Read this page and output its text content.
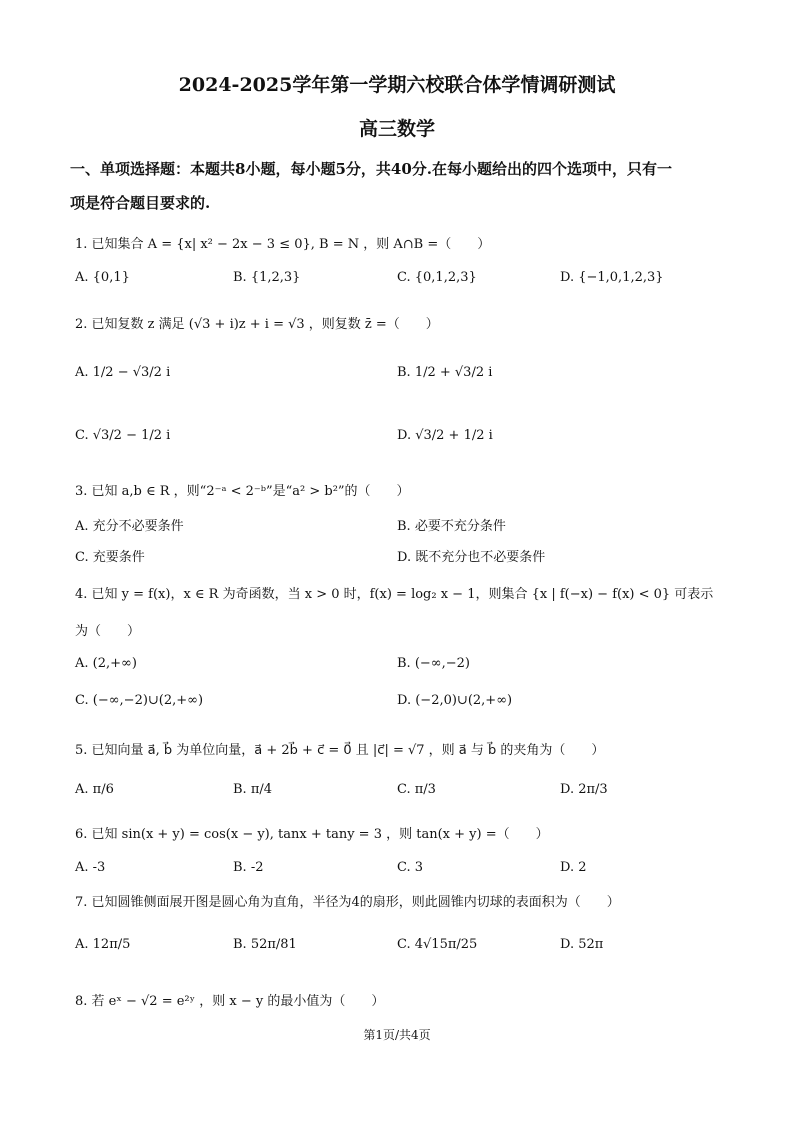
2024-2025学年第一学期六校联合体学情调研测试
高三数学
一、单项选择题：本题共8小题，每小题5分，共40分.在每小题给出的四个选项中，只有一
项是符合题目要求的.
1. 已知集合 A = {x| x² − 2x − 3 ≤ 0}, B = N ，则 A∩B =（　　）
A. {0,1}	B. {1,2,3}	C. {0,1,2,3}	D. {−1,0,1,2,3}
2. 已知复数 z 满足 (√3 + i)z + i = √3 ，则复数 z̄ =（　　）
A. 1/2 − √3/2 i	B. 1/2 + √3/2 i
C. √3/2 − 1/2 i	D. √3/2 + 1/2 i
3. 已知 a,b ∈ R ，则“2⁻ᵃ < 2⁻ᵇ”是“a² > b²”的（　　）
A. 充分不必要条件	B. 必要不充分条件
C. 充要条件	D. 既不充分也不必要条件
4. 已知 y = f(x)，x ∈ R 为奇函数，当 x > 0 时，f(x) = log₂ x − 1，则集合 {x | f(−x) − f(x) < 0} 可表示
为（　　）
A. (2,+∞)	B. (−∞,−2)
C. (−∞,−2)∪(2,+∞)	D. (−2,0)∪(2,+∞)
5. 已知向量 a⃗, b⃗ 为单位向量，a⃗ + 2b⃗ + c⃗ = 0⃗ 且 |c⃗| = √7 ，则 a⃗ 与 b⃗ 的夹角为（　　）
A. π/6	B. π/4	C. π/3	D. 2π/3
6. 已知 sin(x + y) = cos(x − y), tanx + tany = 3 ，则 tan(x + y) =（　　）
A. -3	B. -2	C. 3	D. 2
7. 已知圆锥侧面展开图是圆心角为直角，半径为4的扇形，则此圆锥内切球的表面积为（　　）
A. 12π/5	B. 52π/81	C. 4√15π/25	D. 52π
8. 若 eˣ − √2 = e²ʸ ，则 x − y 的最小值为（　　）
第1页/共4页
